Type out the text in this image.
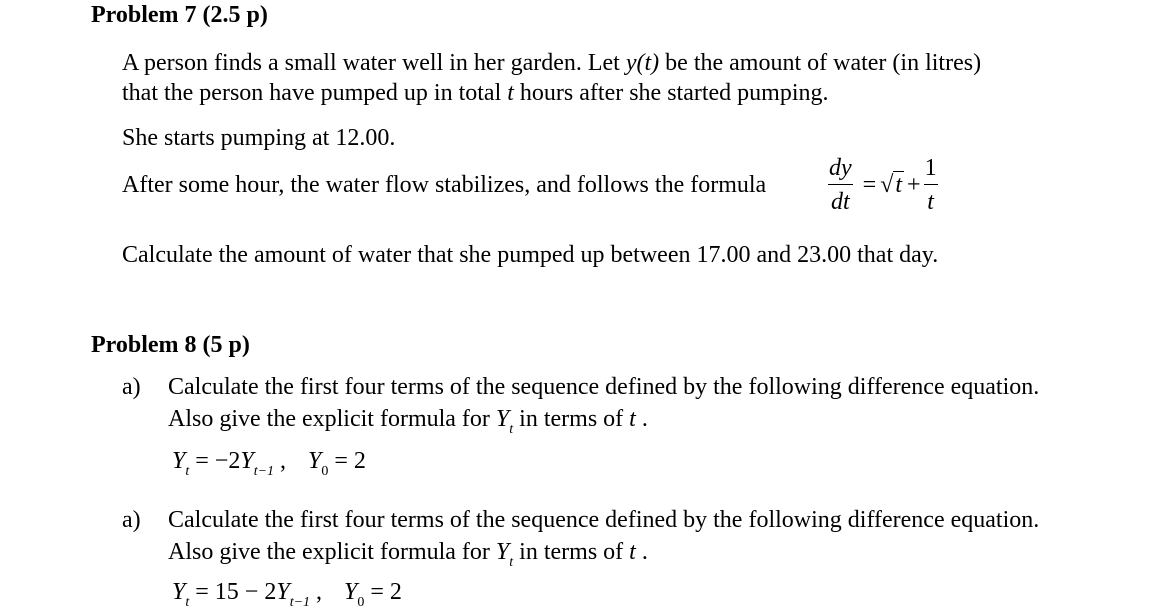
Problem 7 (2.5 p)
A person finds a small water well in her garden. Let y(t) be the amount of water (in litres)
that the person have pumped up in total t hours after she started pumping.
She starts pumping at 12.00.
After some hour, the water flow stabilizes, and follows the formula	$\frac{dy}{dt} = √t + \frac{1}{t}$
Calculate the amount of water that she pumped up between 17.00 and 23.00 that day.
Problem 8 (5 p)
a) Calculate the first four terms of the sequence defined by the following difference equation.
Also give the explicit formula for $Y_t$ in terms of t .
$Y_t = -2Y_{t-1}$ , $Y_0 = 2$
a) Calculate the first four terms of the sequence defined by the following difference equation.
Also give the explicit formula for $Y_t$ in terms of t .
$Y_t = 15 - 2Y_{t-1}$ , $Y_0 = 2$
